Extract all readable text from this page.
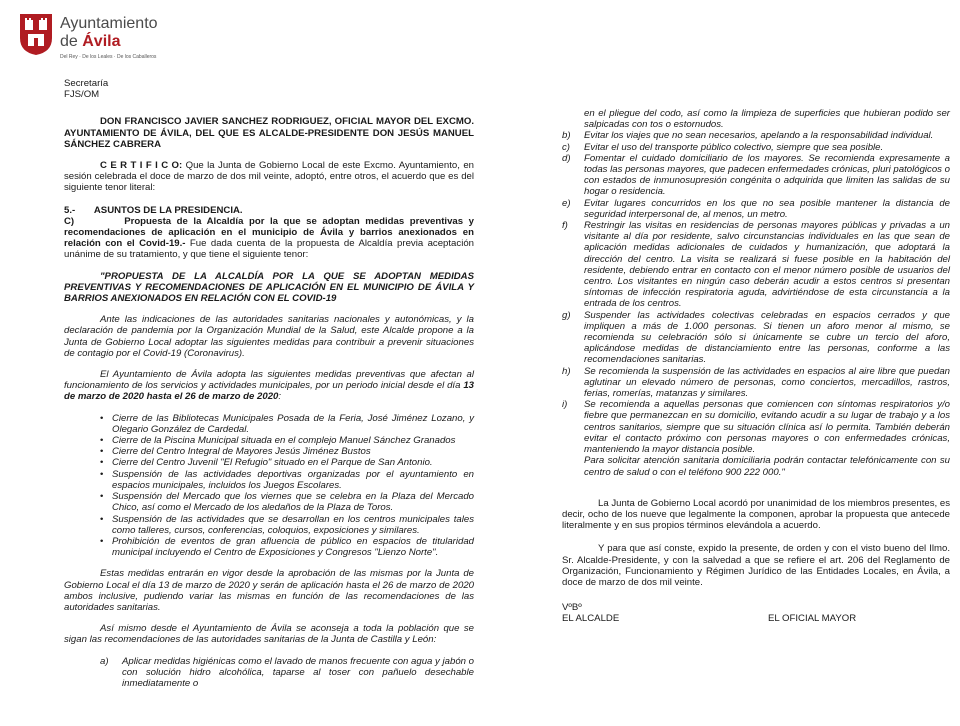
Ayuntamiento
de Ávila
Del Rey · De los Leales · De los Caballeros

Secretaría

FJS/OM

DON FRANCISCO JAVIER SANCHEZ RODRIGUEZ, OFICIAL MAYOR DEL EXCMO. AYUNTAMIENTO DE ÁVILA, DEL QUE ES ALCALDE-PRESIDENTE DON JESÚS MANUEL SÁNCHEZ CABRERA

C E R T I F I C O: Que la Junta de Gobierno Local de este Excmo. Ayuntamiento, en sesión celebrada el doce de marzo de dos mil veinte, adoptó, entre otros, el acuerdo que es del siguiente tenor literal:

5.- ASUNTOS DE LA PRESIDENCIA.

C)	Propuesta de la Alcaldía por la que se adoptan medidas preventivas y recomendaciones de aplicación en el municipio de Ávila y barrios anexionados en relación con el Covid-19.- Fue dada cuenta de la propuesta de Alcaldía previa aceptación unánime de su tratamiento, y que tiene el siguiente tenor:

"PROPUESTA DE LA ALCALDÍA POR LA QUE SE ADOPTAN MEDIDAS PREVENTIVAS Y RECOMENDACIONES DE APLICACIÓN EN EL MUNICIPIO DE ÁVILA Y BARRIOS ANEXIONADOS EN RELACIÓN CON EL COVID-19

Ante las indicaciones de las autoridades sanitarias nacionales y autonómicas, y la declaración de pandemia por la Organización Mundial de la Salud, este Alcalde propone a la Junta de Gobierno Local adoptar las siguientes medidas para contribuir a prevenir situaciones de contagio por el Covid-19 (Coronavirus).

El Ayuntamiento de Ávila adopta las siguientes medidas preventivas que afectan al funcionamiento de los servicios y actividades municipales, por un periodo inicial desde el día 13 de marzo de 2020 hasta el 26 de marzo de 2020:

• Cierre de las Bibliotecas Municipales Posada de la Feria, José Jiménez Lozano, y Olegario González de Cardedal.
• Cierre de la Piscina Municipal situada en el complejo Manuel Sánchez Granados
• Cierre del Centro Integral de Mayores Jesús Jiménez Bustos
• Cierre del Centro Juvenil "El Refugio" situado en el Parque de San Antonio.
• Suspensión de las actividades deportivas organizadas por el ayuntamiento en espacios municipales, incluidos los Juegos Escolares.
• Suspensión del Mercado que los viernes que se celebra en la Plaza del Mercado Chico, así como el Mercado de los aledaños de la Plaza de Toros.
• Suspensión de las actividades que se desarrollan en los centros municipales tales como talleres, cursos, conferencias, coloquios, exposiciones y similares.
• Prohibición de eventos de gran afluencia de público en espacios de titularidad municipal incluyendo el Centro de Exposiciones y Congresos "Lienzo Norte".

Estas medidas entrarán en vigor desde la aprobación de las mismas por la Junta de Gobierno Local el día 13 de marzo de 2020 y serán de aplicación hasta el 26 de marzo de 2020 ambos inclusive, pudiendo variar las mismas en función de las recomendaciones de las autoridades sanitarias.

Así mismo desde el Ayuntamiento de Ávila se aconseja a toda la población que se sigan las recomendaciones de las autoridades sanitarias de la Junta de Castilla y León:

a) Aplicar medidas higiénicas como el lavado de manos frecuente con agua y jabón o con solución hidro alcohólica, taparse al toser con pañuelo desechable inmediatamente o

en el pliegue del codo, así como la limpieza de superficies que hubieran podido ser salpicadas con tos o estornudos.

b) Evitar los viajes que no sean necesarios, apelando a la responsabilidad individual.
c) Evitar el uso del transporte público colectivo, siempre que sea posible.
d) Fomentar el cuidado domiciliario de los mayores. Se recomienda expresamente a todas las personas mayores, que padecen enfermedades crónicas, pluri patológicos o con estados de inmunosupresión congénita o adquirida que limiten las salidas de su hogar o residencia.
e) Evitar lugares concurridos en los que no sea posible mantener la distancia de seguridad interpersonal de, al menos, un metro.
f) Restringir las visitas en residencias de personas mayores públicas y privadas a un visitante al día por residente, salvo circunstancias individuales en las que sean de aplicación medidas adicionales de cuidados y humanización, que adoptará la dirección del centro. La visita se realizará si fuese posible en la habitación del residente, debiendo entrar en contacto con el menor número posible de usuarios del centro. Los visitantes en ningún caso deberán acudir a estos centros si presentan síntomas de infección respiratoria aguda, advirtiéndose de esta circunstancia a la entrada de los centros.
g) Suspender las actividades colectivas celebradas en espacios cerrados y que impliquen a más de 1.000 personas. Si tienen un aforo menor al mismo, se recomienda su celebración sólo si únicamente se cubre un tercio del aforo, aplicándose medidas de distanciamiento entre las personas, conforme a las recomendaciones sanitarias.
h) Se recomienda la suspensión de las actividades en espacios al aire libre que puedan aglutinar un elevado número de personas, como conciertos, mercadillos, rastros, ferias, romerías, matanzas y similares.
i) Se recomienda a aquellas personas que comiencen con síntomas respiratorios y/o fiebre que permanezcan en su domicilio, evitando acudir a su lugar de trabajo y a los centros sanitarios, siempre que su situación clínica así lo permita. También deberán evitar el contacto próximo con personas mayores o con enfermedades crónicas, manteniendo la mayor distancia posible.

Para solicitar atención sanitaria domiciliaria podrán contactar telefónicamente con su centro de salud o con el teléfono 900 222 000."

La Junta de Gobierno Local acordó por unanimidad de los miembros presentes, es decir, ocho de los nueve que legalmente la componen, aprobar la propuesta que antecede literalmente y en sus propios términos elevándola a acuerdo.

Y para que así conste, expido la presente, de orden y con el visto bueno del Ilmo. Sr. Alcalde-Presidente, y con la salvedad a que se refiere el art. 206 del Reglamento de Organización, Funcionamiento y Régimen Jurídico de las Entidades Locales, en Ávila, a doce de marzo de dos mil veinte.

VºBº

EL ALCALDE	EL OFICIAL MAYOR
